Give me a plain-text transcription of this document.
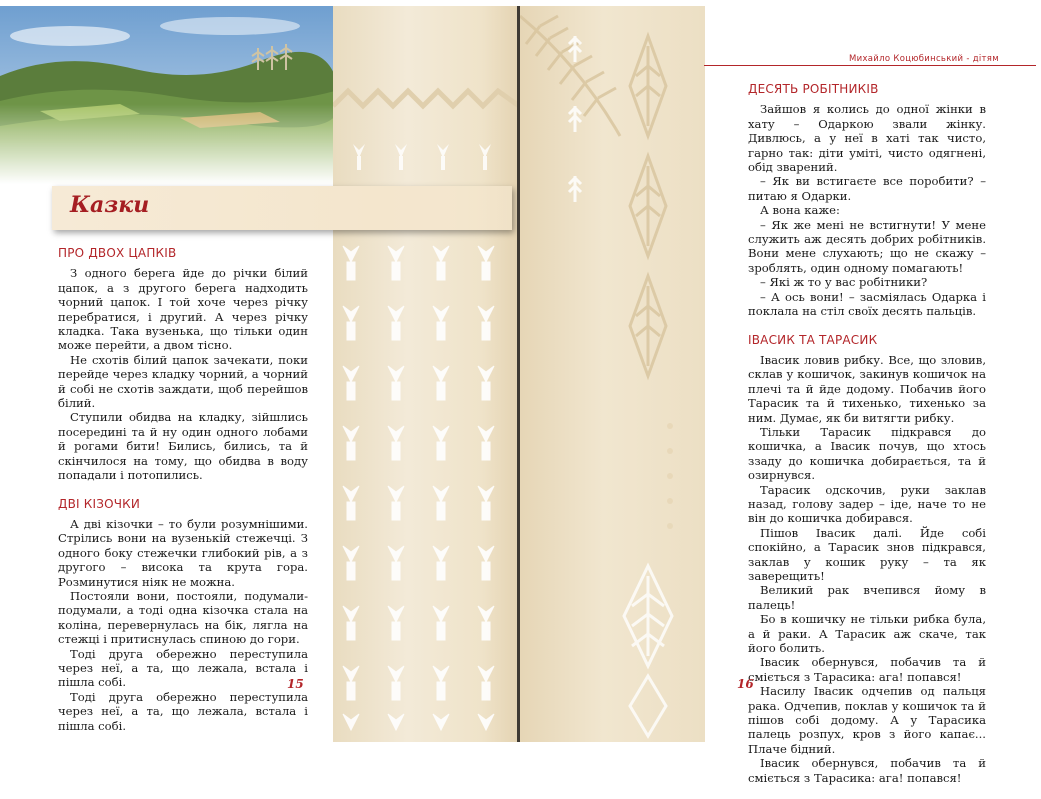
Казки
ПРО ДВОХ ЦАПКІВ

З одного берега йде до річки білий цапок, а з другого берега надходить чорний цапок. І той хоче через річку перебратися, і другий. А через річку кладка. Така вузенька, що тільки один може перейти, а двом тісно.

Не схотів білий цапок зачекати, поки перейде через кладку чорний, а чорний й собі не схотів заждати, щоб перейшов білий.

Ступили обидва на кладку, зійшлись посередині та й ну один одного лобами й рогами бити! Бились, бились, та й скінчилося на тому, що обидва в воду попадали і потопились.

ДВІ КІЗОЧКИ

А дві кізочки – то були розумнішими. Стрілись вони на вузенькій стежечці. З одного боку стежечки глибокий рів, а з другого – висока та крута гора. Розминутися ніяк не можна.

Постояли вони, постояли, подумали-подумали, а тоді одна кізочка стала на коліна, перевернулась на бік, лягла на стежці і притиснулась спиною до гори.

Тоді друга обережно переступила через неї, а та, що лежала, встала і пішла собі.

Тоді друга обережно переступила через неї, а та, що лежала, встала і пішла собі.

15
Михайло Коцюбинський - дітям
ДЕСЯТЬ РОБІТНИКІВ

Зайшов я колись до одної жінки в хату – Одаркою звали жінку. Дивлюсь, а у неї в хаті так чисто, гарно так: діти уміті, чисто одягнені, обід зварений.

– Як ви встигаєте все поробити? – питаю я Одарки.

А вона каже:

– Як же мені не встигнути! У мене служить аж десять добрих робітників. Вони мене слухають; що не скажу – зроблять, один одному помагають!

– Які ж то у вас робітники?

– А ось вони! – засміялась Одарка і поклала на стіл своїх десять пальців.

ІВАСИК ТА ТАРАСИК

Івасик ловив рибку. Все, що зловив, склав у кошичок, закинув кошичок на плечі та й йде додому. Побачив його Тарасик та й тихенько, тихенько за ним. Думає, як би витягти рибку.

Тільки Тарасик підкрався до кошичка, а Івасик почув, що хтось ззаду до кошичка добирається, та й озирнувся.

Тарасик одскочив, руки заклав назад, голову задер – іде, наче то не він до кошичка добирався.

Пішов Івасик далі. Йде собі спокійно, а Тарасик знов підкрався, заклав у кошик руку – та як заверещить!

Великий рак вчепився йому в палець!

Бо в кошичку не тільки рибка була, а й раки. А Тарасик аж скаче, так його болить.

Івасик обернувся, побачив та й сміється з Тарасика: ага! попався!

Насилу Івасик одчепив од пальця рака. Одчепив, поклав у кошичок та й пішов собі додому. А у Тарасика палець розпух, кров з його капає... Плаче бідний.

Івасик обернувся, побачив та й сміється з Тарасика: ага! попався!

16
